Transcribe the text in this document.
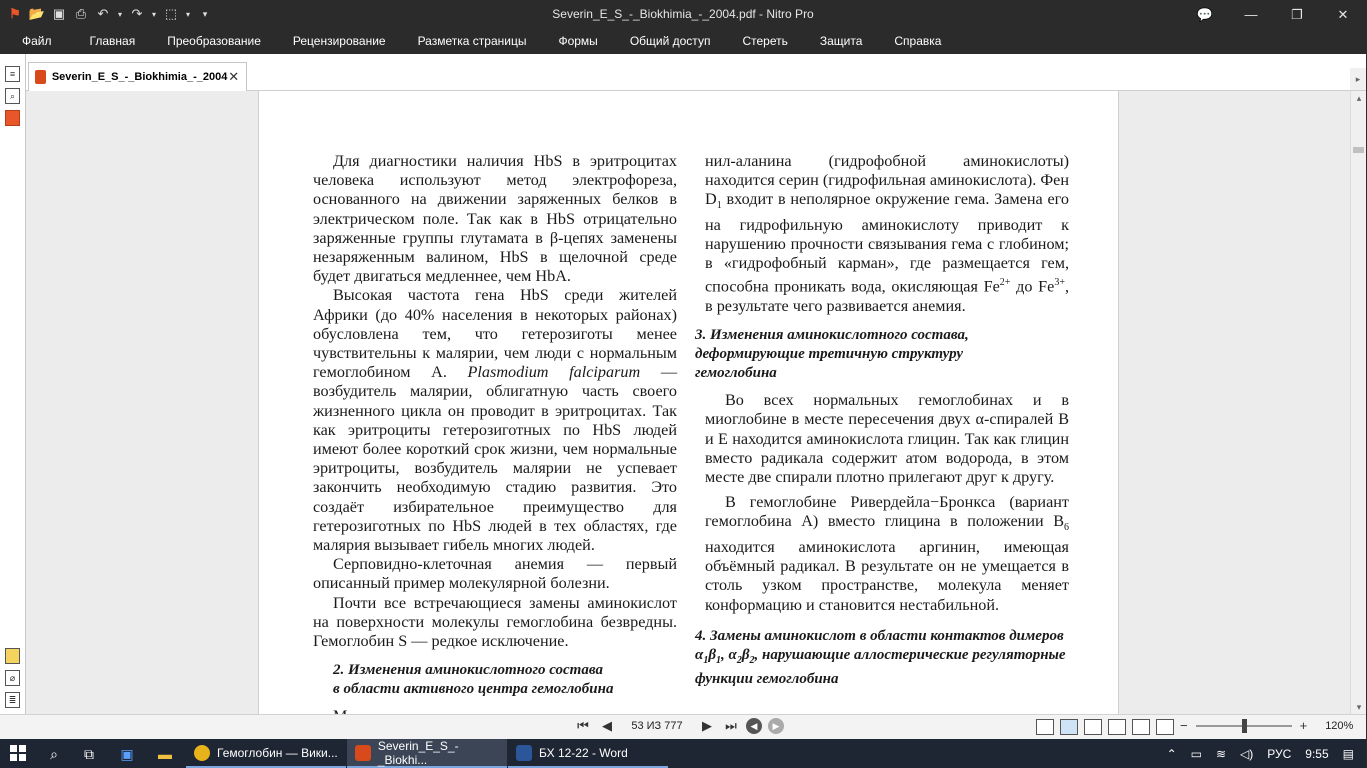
⚑ 📂 ▣ ⎙ ↶	▾ ↷	▾ ⬚	▾	▾	Severin_E_S_-_Biokhimia_-_2004.pdf - Nitro Pro	💬	—	❐	✕
Файл	Главная	Преобразование	Рецензирование	Разметка страницы	Формы	Общий доступ	Стереть	Защита	Справка
≡
⌕
⌀
≣
Severin_E_S_-_Biokhimia_-_2004 ✕	▸

Для диагностики наличия HbS в эритроцитах человека используют метод электрофореза, основанного на движении заряженных белков в электрическом поле. Так как в HbS отрицательно заряженные группы глутамата в β-цепях заменены незаряженным валином, HbS в щелочной среде будет двигаться медленнее, чем HbA.

Высокая частота гена HbS среди жителей Африки (до 40% населения в некоторых районах) обусловлена тем, что гетерозиготы менее чувствительны к малярии, чем люди с нормальным гемоглобином A. Plasmodium falciparum — возбудитель малярии, облигатную часть своего жизненного цикла он проводит в эритроцитах. Так как эритроциты гетерозиготных по HbS людей имеют более короткий срок жизни, чем нормальные эритроциты, возбудитель малярии не успевает закончить необходимую стадию развития. Это создаёт избирательное преимущество для гетерозиготных по HbS людей в тех областях, где малярия вызывает гибель многих людей.

Серповидно-клеточная анемия — первый описанный пример молекулярной болезни.

Почти все встречающиеся замены аминокислот на поверхности молекулы гемоглобина безвредны. Гемоглобин S — редкое исключение.

2. Изменения аминокислотного состава
в области активного центра гемоглобина

нил-аланина (гидрофобной аминокислоты) находится серин (гидрофильная аминокислота). Фен $D_1$ входит в неполярное окружение гема. Замена его на гидрофильную аминокислоту приводит к нарушению прочности связывания гема с глобином; в «гидрофобный карман», где размещается гем, способна проникать вода, окисляющая $Fe^{2+}$ до $Fe^{3+}$, в результате чего развивается анемия.

3. Изменения аминокислотного состава,
деформирующие третичную структуру
гемоглобина

Во всех нормальных гемоглобинах и в миоглобине в месте пересечения двух α-спиралей B и E находится аминокислота глицин. Так как глицин вместо радикала содержит атом водорода, в этом месте две спирали плотно прилегают друг к другу.

В гемоглобине Ривердейла−Бронкса (вариант гемоглобина A) вместо глицина в положении $B_6$ находится аминокислота аргинин, имеющая объёмный радикал. В результате он не умещается в столь узком пространстве, молекула меняет конформацию и становится нестабильной.

4. Замены аминокислот в области контактов димеров $\alpha_1\beta_1$, $\alpha_2\beta_2$, нарушающие аллостерические регуляторные функции гемоглобина
▴
▾
⏮	◀	53 ИЗ 777	▶	⏭	◀	▶	−	+ 120%
⌕	⧉	▣ ▬	Гемоглобин — Вики...	Severin_E_S_-_Biokhi...	БХ 12-22 - Word	⌃ ▭ ≋ ◁) РУС 9:55 ▤
